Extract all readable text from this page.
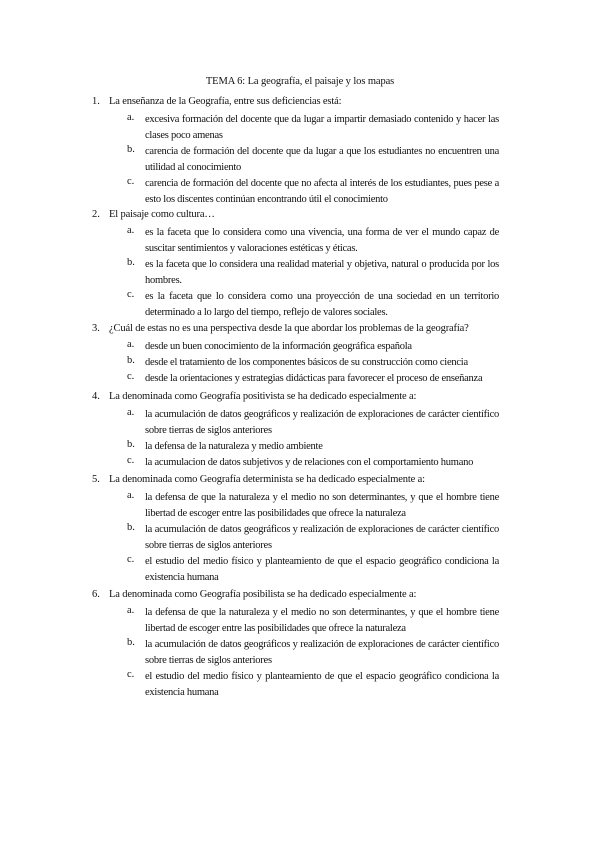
TEMA 6: La geografía, el paisaje y los mapas
1. La enseñanza de la Geografía, entre sus deficiencias está:
a. excesiva formación del docente que da lugar a impartir demasiado contenido y hacer las clases poco amenas
b. carencia de formación del docente que da lugar a que los estudiantes no encuentren una utilidad al conocimiento
c. carencia de formación del docente que no afecta al interés de los estudiantes, pues pese a esto los discentes continúan encontrando útil el conocimiento
2. El paisaje como cultura…
a. es la faceta que lo considera como una vivencia, una forma de ver el mundo capaz de suscitar sentimientos y valoraciones estéticas y éticas.
b. es la faceta que lo considera una realidad material y objetiva, natural o producida por los hombres.
c. es la faceta que lo considera como una proyección de una sociedad en un territorio determinado a lo largo del tiempo, reflejo de valores sociales.
3. ¿Cuál de estas no es una perspectiva desde la que abordar los problemas de la geografía?
a. desde un buen conocimiento de la información geográfica española
b. desde el tratamiento de los componentes básicos de su construcción como ciencia
c. desde la orientaciones y estrategias didácticas para favorecer el proceso de enseñanza
4. La denominada como Geografía positivista se ha dedicado especialmente a:
a. la acumulación de datos geográficos y realización de exploraciones de carácter científico sobre tierras de siglos anteriores
b. la defensa de la naturaleza y medio ambiente
c. la acumulacion de datos subjetivos y de relaciones con el comportamiento humano
5. La denominada como Geografía determinista se ha dedicado especialmente a:
a. la defensa de que la naturaleza y el medio no son determinantes, y que el hombre tiene libertad de escoger entre las posibilidades que ofrece la naturaleza
b. la acumulación de datos geográficos y realización de exploraciones de carácter científico sobre tierras de siglos anteriores
c. el estudio del medio físico y planteamiento de que el espacio geográfico condiciona la existencia humana
6. La denominada como Geografía posibilista se ha dedicado especialmente a:
a. la defensa de que la naturaleza y el medio no son determinantes, y que el hombre tiene libertad de escoger entre las posibilidades que ofrece la naturaleza
b. la acumulación de datos geográficos y realización de exploraciones de carácter científico sobre tierras de siglos anteriores
c. el estudio del medio físico y planteamiento de que el espacio geográfico condiciona la existencia humana
